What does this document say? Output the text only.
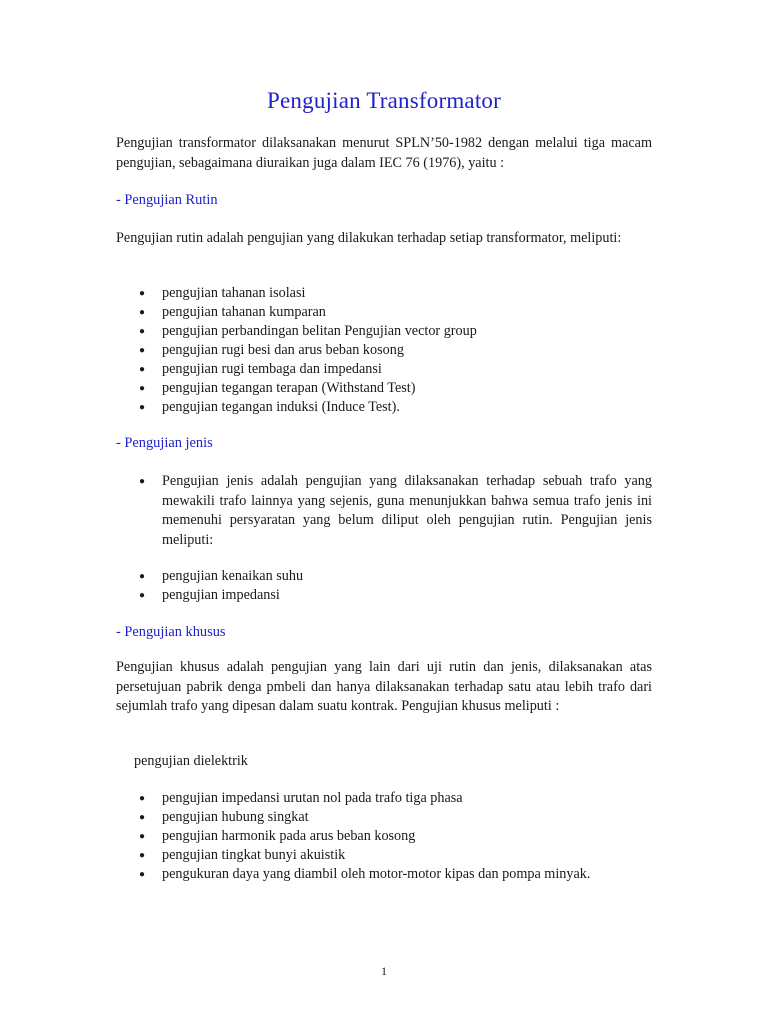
Pengujian Transformator

Pengujian transformator dilaksanakan menurut SPLN’50-1982 dengan melalui tiga macam pengujian, sebagaimana diuraikan juga dalam IEC 76 (1976), yaitu :

- Pengujian Rutin

Pengujian rutin adalah pengujian yang dilakukan terhadap setiap transformator, meliputi:

● pengujian tahanan isolasi
● pengujian tahanan kumparan
● pengujian perbandingan belitan Pengujian vector group
● pengujian rugi besi dan arus beban kosong
● pengujian rugi tembaga dan impedansi
● pengujian tegangan terapan (Withstand Test)
● pengujian tegangan induksi (Induce Test).
- Pengujian jenis
● Pengujian jenis adalah pengujian yang dilaksanakan terhadap sebuah trafo yang mewakili trafo lainnya yang sejenis, guna menunjukkan bahwa semua trafo jenis ini memenuhi persyaratan yang belum diliput oleh pengujian rutin. Pengujian jenis meliputi:
● pengujian kenaikan suhu
● pengujian impedansi
- Pengujian khusus

Pengujian khusus adalah pengujian yang lain dari uji rutin dan jenis, dilaksanakan atas persetujuan pabrik denga pmbeli dan hanya dilaksanakan terhadap satu atau lebih trafo dari sejumlah trafo yang dipesan dalam suatu kontrak. Pengujian khusus meliputi :

pengujian dielektrik

● pengujian impedansi urutan nol pada trafo tiga phasa
● pengujian hubung singkat
● pengujian harmonik pada arus beban kosong
● pengujian tingkat bunyi akuistik
● pengukuran daya yang diambil oleh motor-motor kipas dan pompa minyak.

1
